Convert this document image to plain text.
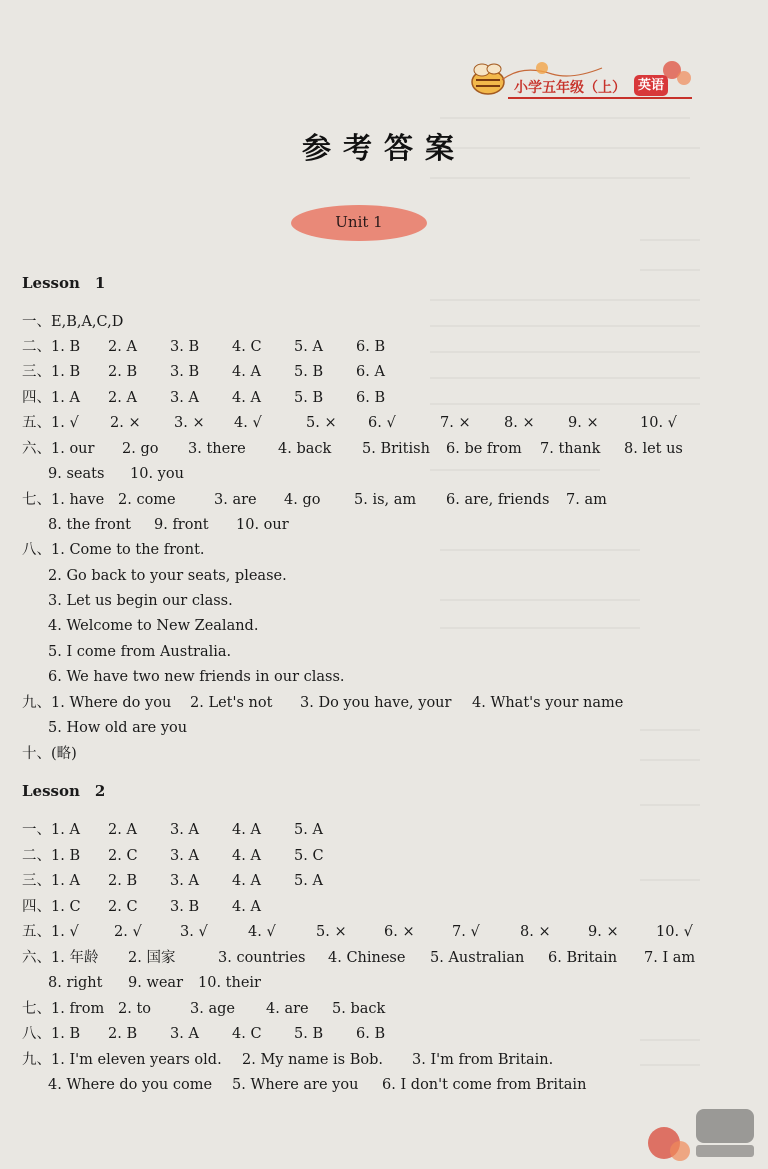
小学五年级（上） 英语
参考答案
Unit 1
Lesson　1
一、E,B,A,C,D
二、1. B 2. A 3. B 4. C 5. A 6. B
三、1. B 2. B 3. B 4. A 5. B 6. A
四、1. A 2. A 3. A 4. A 5. B 6. B
五、1. √ 2. × 3. × 4. √	5. × 6. √	7. × 8. × 9. ×	10. √
六、1. our 2. go 3. there 4. back 5. British 6. be from 7. thank 8. let us
9. seats 10. you
七、1. have 2. come	3. are 4. go 5. is, am 6. are, friends 7. am
8. the front 9. front 10. our
八、1. Come to the front.
2. Go back to your seats, please.
3. Let us begin our class.
4. Welcome to New Zealand.
5. I come from Australia.
6. We have two new friends in our class.
九、1. Where do you 2. Let's not 3. Do you have, your 4. What's your name
5. How old are you
十、(略)
Lesson　2
一、1. A 2. A 3. A 4. A 5. A
二、1. B 2. C 3. A 4. A 5. C
三、1. A 2. B 3. A 4. A 5. A
四、1. C 2. C 3. B 4. A
五、1. √ 2. √	3. √	4. √	5. ×	6. ×	7. √	8. ×	9. ×	10. √
六、1. 年龄 2. 国家	3. countries 4. Chinese 5. Australian 6. Britain 7. I am
8. right 9. wear 10. their
七、1. from 2. to	3. age 4. are 5. back
八、1. B 2. B 3. A 4. C 5. B 6. B
九、1. I'm eleven years old. 2. My name is Bob. 3. I'm from Britain.
4. Where do you come 5. Where are you 6. I don't come from Britain
